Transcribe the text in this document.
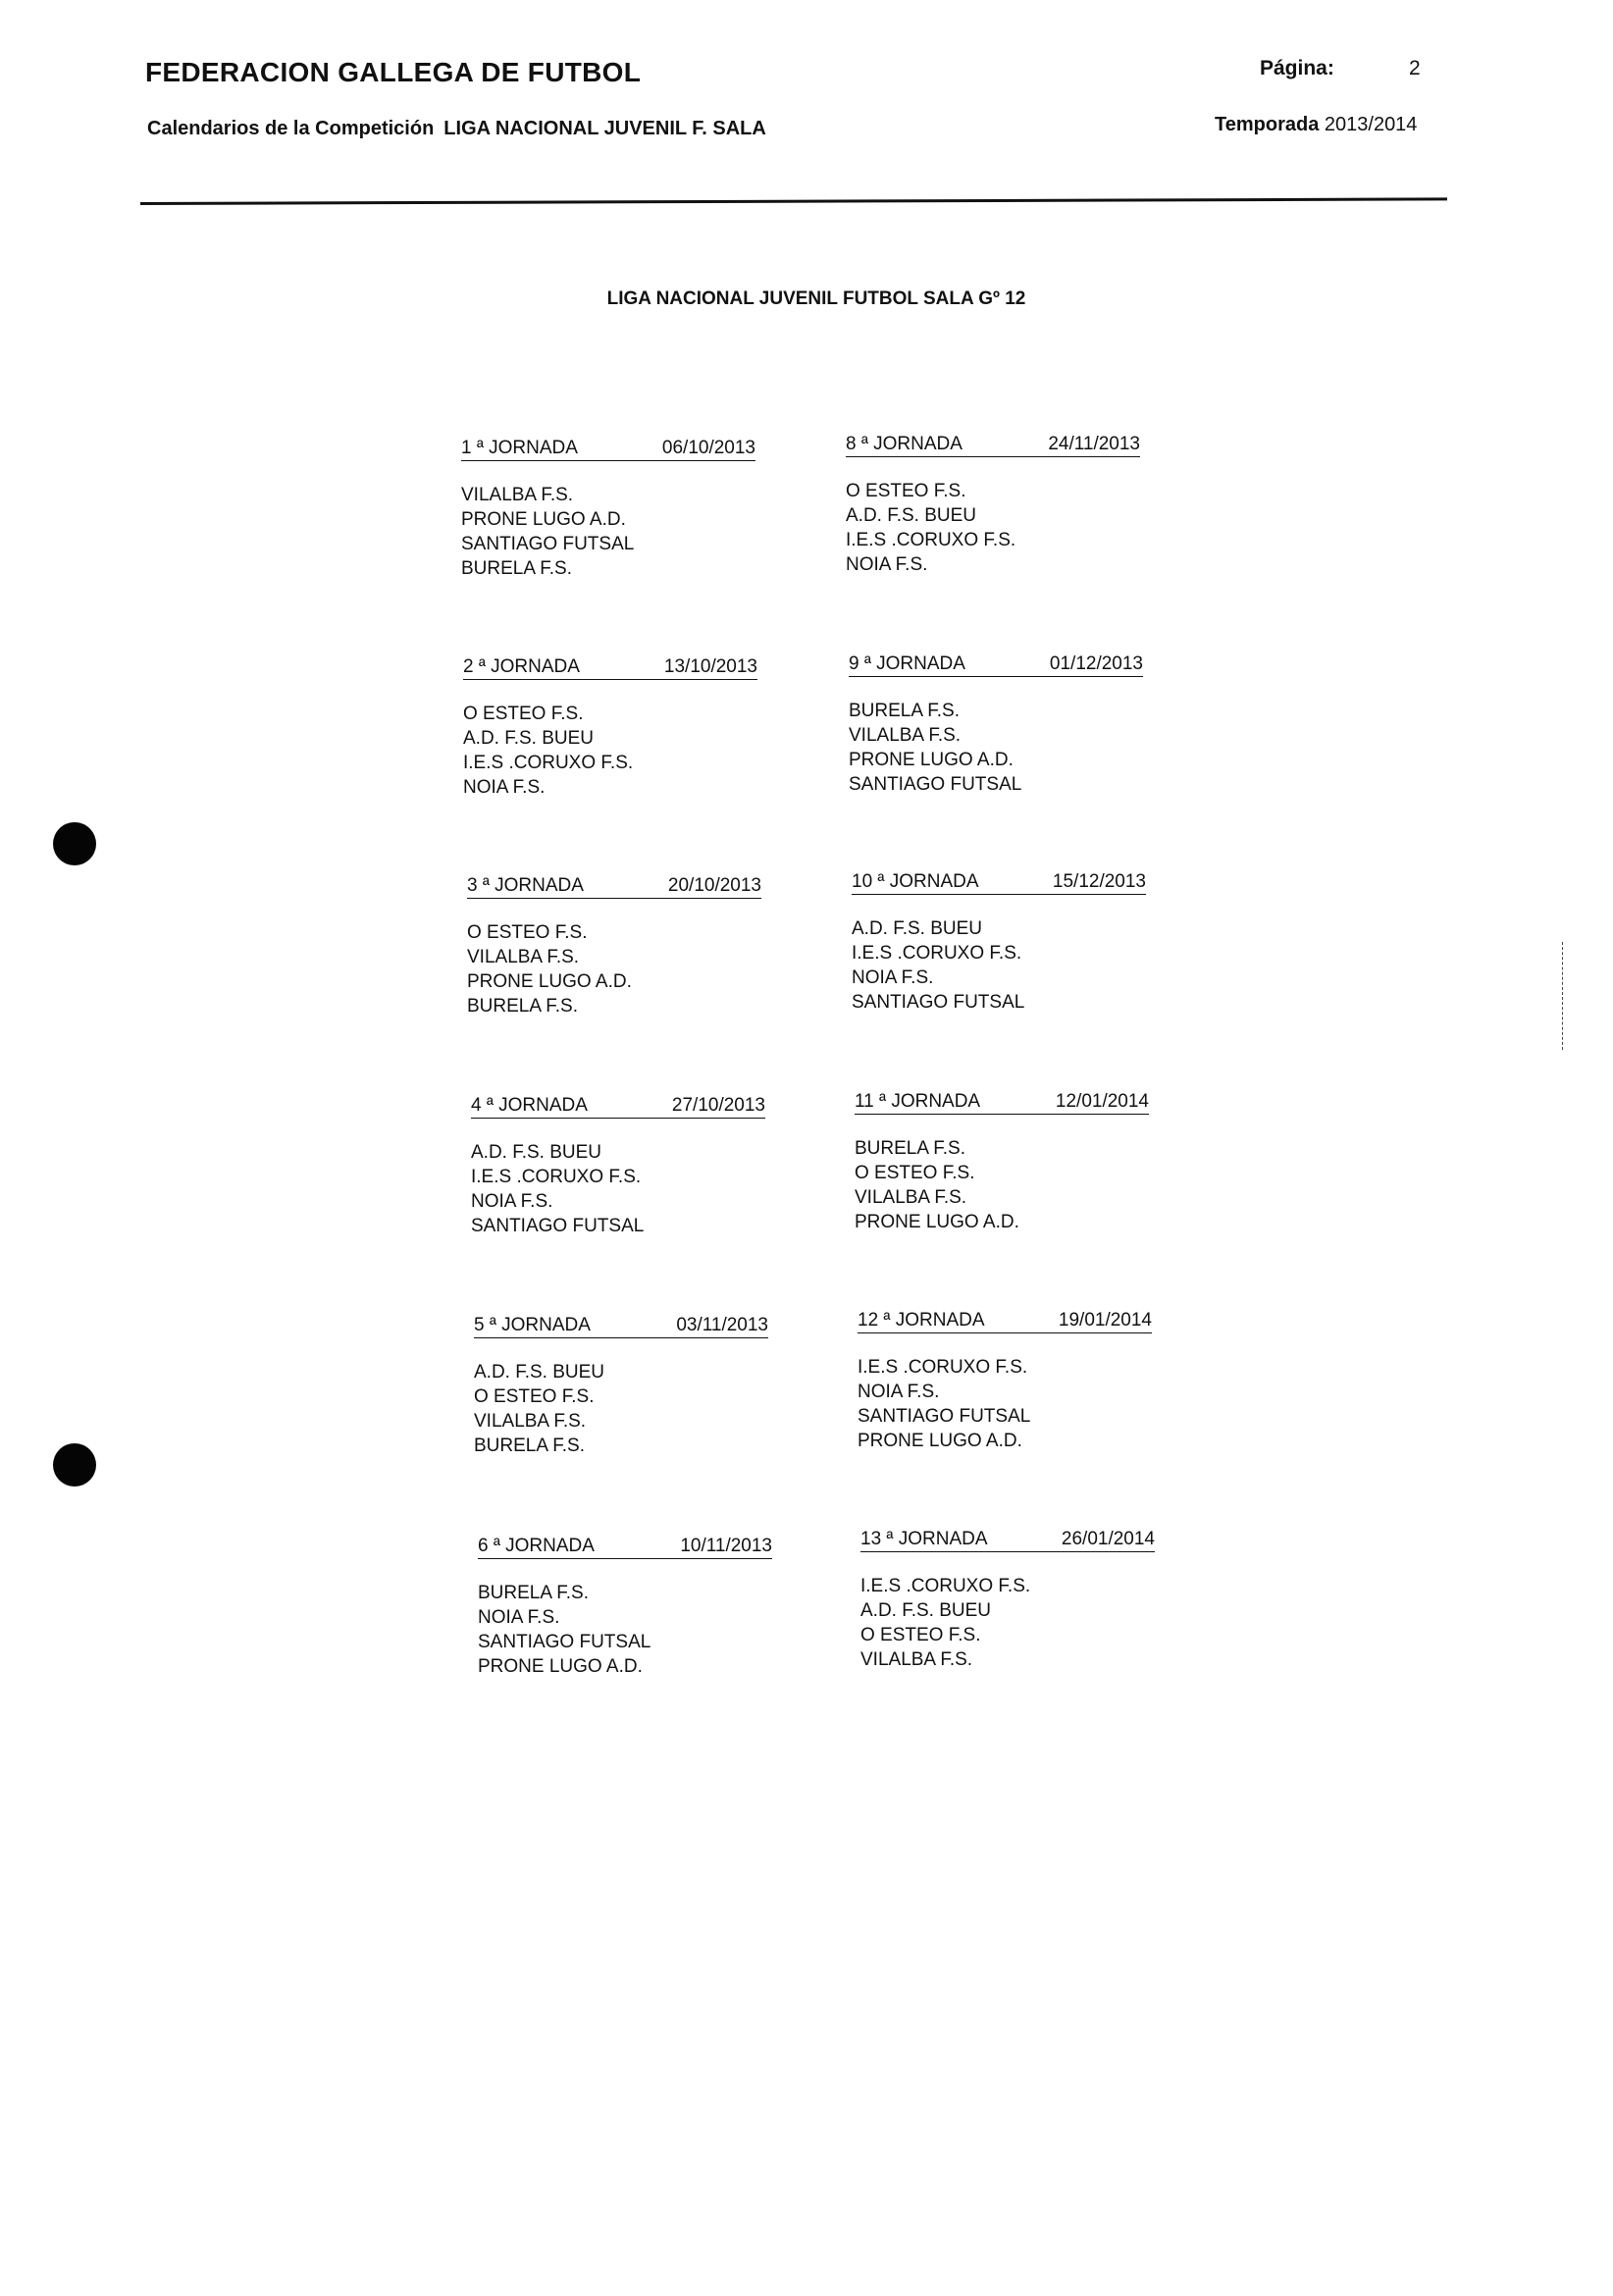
FEDERACION GALLEGA DE FUTBOL	Página:	2
Calendarios de la Competición LIGA NACIONAL JUVENIL F. SALA	Temporada 2013/2014
LIGA NACIONAL JUVENIL FUTBOL SALA Gº 12
1 ª JORNADA	06/10/2013
VILALBA F.S.
PRONE LUGO A.D.
SANTIAGO FUTSAL
BURELA F.S.
2 ª JORNADA	13/10/2013
O ESTEO F.S.
A.D. F.S. BUEU
I.E.S .CORUXO F.S.
NOIA F.S.
3 ª JORNADA	20/10/2013
O ESTEO F.S.
VILALBA F.S.
PRONE LUGO A.D.
BURELA F.S.
4 ª JORNADA	27/10/2013
A.D. F.S. BUEU
I.E.S .CORUXO F.S.
NOIA F.S.
SANTIAGO FUTSAL
5 ª JORNADA	03/11/2013
A.D. F.S. BUEU
O ESTEO F.S.
VILALBA F.S.
BURELA F.S.
6 ª JORNADA	10/11/2013
BURELA F.S.
NOIA F.S.
SANTIAGO FUTSAL
PRONE LUGO A.D.
8 ª JORNADA	24/11/2013
O ESTEO F.S.
A.D. F.S. BUEU
I.E.S .CORUXO F.S.
NOIA F.S.
9 ª JORNADA	01/12/2013
BURELA F.S.
VILALBA F.S.
PRONE LUGO A.D.
SANTIAGO FUTSAL
10 ª JORNADA	15/12/2013
A.D. F.S. BUEU
I.E.S .CORUXO F.S.
NOIA F.S.
SANTIAGO FUTSAL
11 ª JORNADA	12/01/2014
BURELA F.S.
O ESTEO F.S.
VILALBA F.S.
PRONE LUGO A.D.
12 ª JORNADA	19/01/2014
I.E.S .CORUXO F.S.
NOIA F.S.
SANTIAGO FUTSAL
PRONE LUGO A.D.
13 ª JORNADA	26/01/2014
I.E.S .CORUXO F.S.
A.D. F.S. BUEU
O ESTEO F.S.
VILALBA F.S.
